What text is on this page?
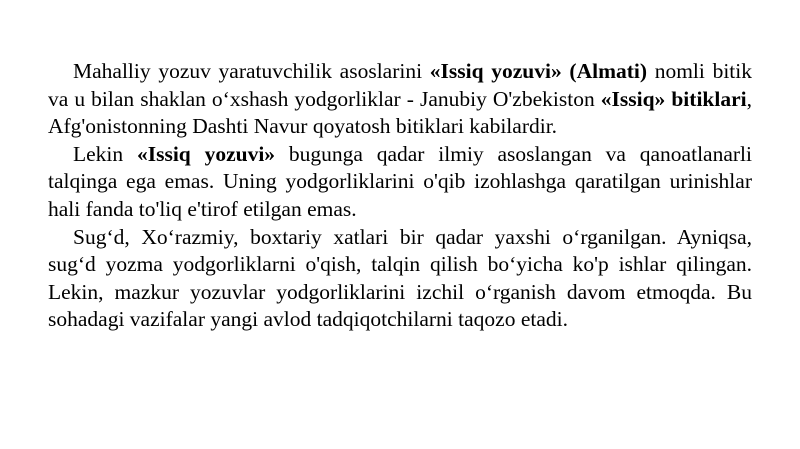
Mahalliy yozuv yaratuvchilik asoslarini «Issiq yozuvi» (Almati) nomli bitik va u bilan shaklan oʻxshash yodgorliklar - Janubiy O'zbekiston «Issiq» bitiklari, Afg'onistonning Dashti Navur qoyatosh bitiklari kabilardir.

Lekin «Issiq yozuvi» bugunga qadar ilmiy asoslangan va qanoatlanarli talqinga ega emas. Uning yodgorliklarini o'qib izohlashga qaratilgan urinishlar hali fanda to'liq e'tirof etilgan emas.

Sugʻd, Xoʻrazmiy, boxtariy xatlari bir qadar yaxshi oʻrganilgan. Ayniqsa, sugʻd yozma yodgorliklarni o'qish, talqin qilish boʻyicha ko'p ishlar qilingan. Lekin, mazkur yozuvlar yodgorliklarini izchil oʻrganish davom etmoqda. Bu sohadagi vazifalar yangi avlod tadqiqotchilarni taqozo etadi.
